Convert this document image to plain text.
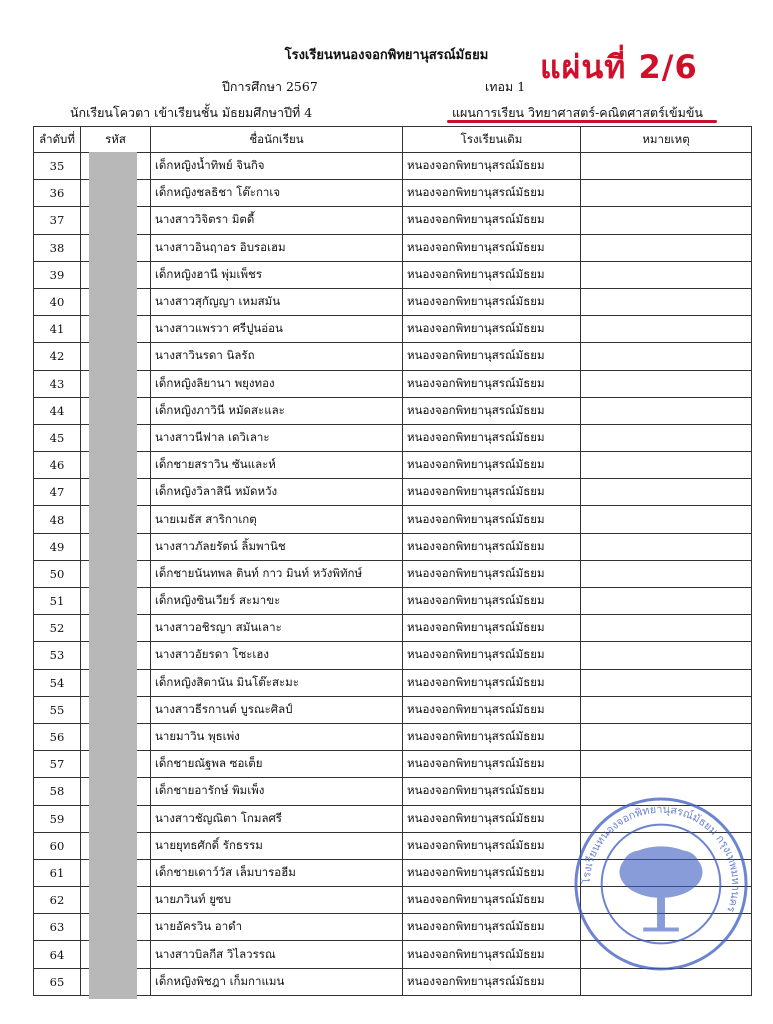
โรงเรียนหนองจอกพิทยานุสรณ์มัธยม
ปีการศึกษา 2567	เทอม 1
นักเรียนโควตา เข้าเรียนชั้น มัธยมศึกษาปีที่ 4	แผนการเรียน วิทยาศาสตร์-คณิตศาสตร์เข้มข้น
แผ่นที่ 2/6
ลำดับที่	รหัส	ชื่อนักเรียน	โรงเรียนเดิม	หมายเหตุ
35		เด็กหญิงน้ำทิพย์ จินกิจ	หนองจอกพิทยานุสรณ์มัธยม	
36		เด็กหญิงชลธิชา โต๊ะกาเจ	หนองจอกพิทยานุสรณ์มัธยม	
37		นางสาววิจิตรา มิตดี้	หนองจอกพิทยานุสรณ์มัธยม	
38		นางสาวอินฤาอร อิบรอเฮม	หนองจอกพิทยานุสรณ์มัธยม	
39		เด็กหญิงฮานี พุ่มเพ็ชร	หนองจอกพิทยานุสรณ์มัธยม	
40		นางสาวสุกัญญา เหมสมัน	หนองจอกพิทยานุสรณ์มัธยม	
41		นางสาวแพรวา ศรีปูนอ่อน	หนองจอกพิทยานุสรณ์มัธยม	
42		นางสาวินรดา นิลรัถ	หนองจอกพิทยานุสรณ์มัธยม	
43		เด็กหญิงลิยานา พยุงทอง	หนองจอกพิทยานุสรณ์มัธยม	
44		เด็กหญิงภาวินี หมัดสะและ	หนองจอกพิทยานุสรณ์มัธยม	
45		นางสาวนีฟาล เดวิเลาะ	หนองจอกพิทยานุสรณ์มัธยม	
46		เด็กชายสราวิน ซันและห์	หนองจอกพิทยานุสรณ์มัธยม	
47		เด็กหญิงวิลาสินี หมัดหวัง	หนองจอกพิทยานุสรณ์มัธยม	
48		นายเมธัส สาริกาเกตุ	หนองจอกพิทยานุสรณ์มัธยม	
49		นางสาวภัลยรัตน์ ลิ้มพานิช	หนองจอกพิทยานุสรณ์มัธยม	
50		เด็กชายนันทพล ตินท์ กาว มินท์ หวังพิทักษ์	หนองจอกพิทยานุสรณ์มัธยม	
51		เด็กหญิงซินเวียร์ สะมาขะ	หนองจอกพิทยานุสรณ์มัธยม	
52		นางสาวอชิรญา สมันเลาะ	หนองจอกพิทยานุสรณ์มัธยม	
53		นางสาวอัยรดา โซะเฮง	หนองจอกพิทยานุสรณ์มัธยม	
54		เด็กหญิงสิตานัน มินโต๊ะสะมะ	หนองจอกพิทยานุสรณ์มัธยม	
55		นางสาวธีรกานต์ บูรณะศิลป์	หนองจอกพิทยานุสรณ์มัธยม	
56		นายมาวิน พุธเพ่ง	หนองจอกพิทยานุสรณ์มัธยม	
57		เด็กชายณัฐพล ซอเต็ย	หนองจอกพิทยานุสรณ์มัธยม	
58		เด็กชายอารักษ์ พิมเพ็ง	หนองจอกพิทยานุสรณ์มัธยม	
59		นางสาวชัญณิตา โกมลศรี	หนองจอกพิทยานุสรณ์มัธยม	
60		นายยุทธศักดิ์ รักธรรม	หนองจอกพิทยานุสรณ์มัธยม	
61		เด็กชายเดาว์วัส เล็มบารอฮีม	หนองจอกพิทยานุสรณ์มัธยม	
62		นายภวินท์ ยูซบ	หนองจอกพิทยานุสรณ์มัธยม	
63		นายอัครวิน อาดำ	หนองจอกพิทยานุสรณ์มัธยม	
64		นางสาวบิลกีส วิไลวรรณ	หนองจอกพิทยานุสรณ์มัธยม	
65		เด็กหญิงพิชฎา เก็มกาแมน	หนองจอกพิทยานุสรณ์มัธยม	
โรงเรียนหนองจอกพิทยานุสรณ์มัธยม กรุงเทพมหานคร
